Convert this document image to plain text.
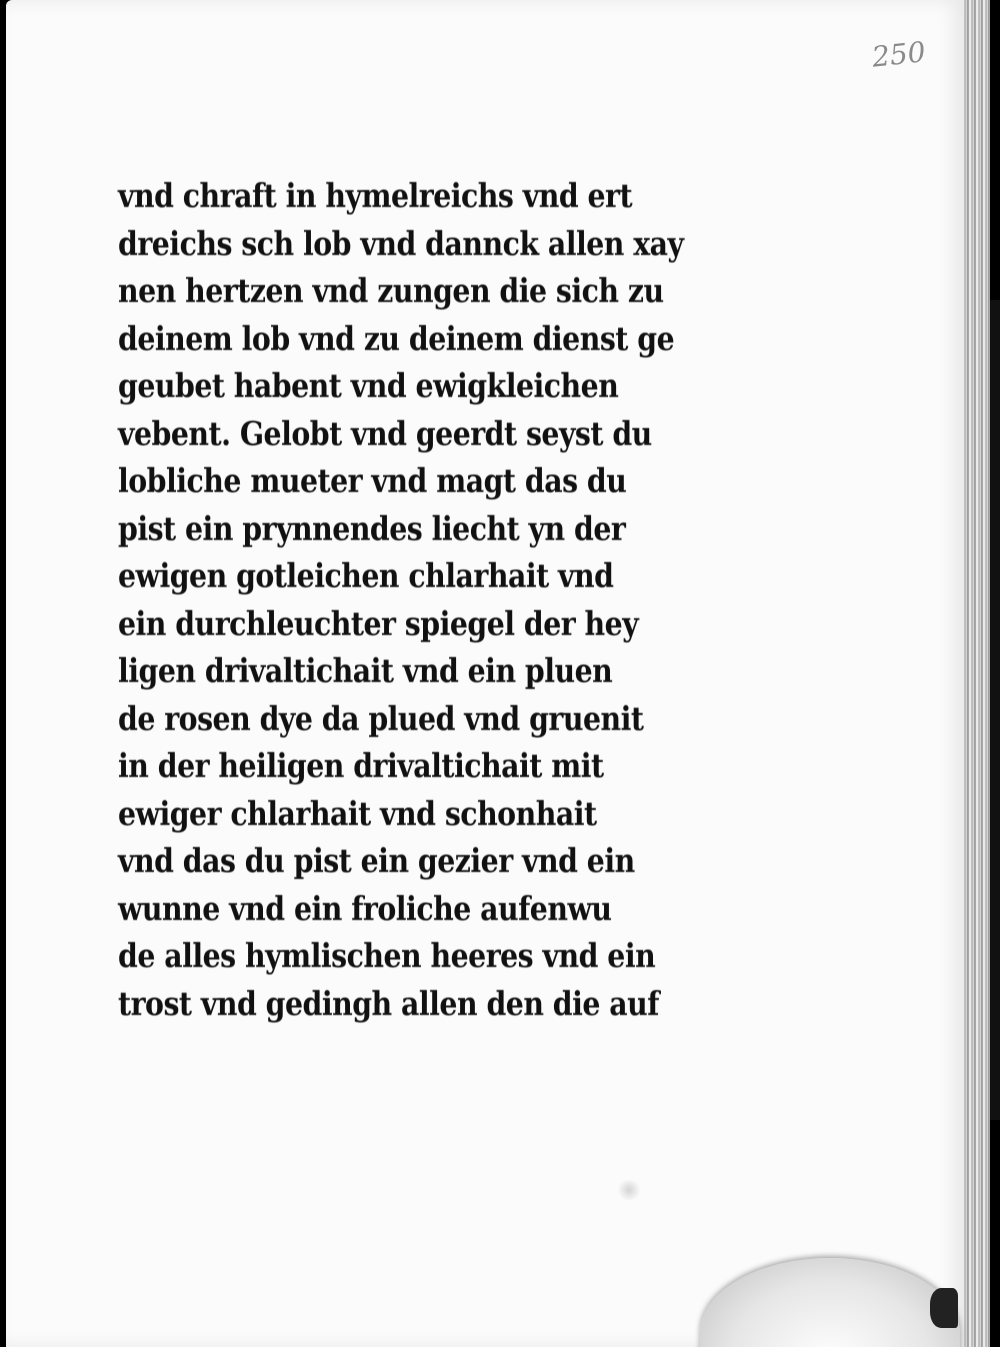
250
vnd chraft in hymelreichs vnd ert
dreichs sch lob vnd dannck allen xay
nen hertzen vnd zungen die sich zu
deinem lob vnd zu deinem dienst ge
geubet habent vnd ewigkleichen
vebent. Gelobt vnd geerdt seyst du
lobliche mueter vnd magt das du
pist ein prynnendes liecht yn der
ewigen gotleichen chlarhait vnd
ein durchleuchter spiegel der hey
ligen drivaltichait vnd ein pluen
de rosen dye da plued vnd gruenit
in der heiligen drivaltichait mit
ewiger chlarhait vnd schonhait
vnd das du pist ein gezier vnd ein
wunne vnd ein froliche aufenwu
de alles hymlischen heeres vnd ein
trost vnd gedingh allen den die auf
